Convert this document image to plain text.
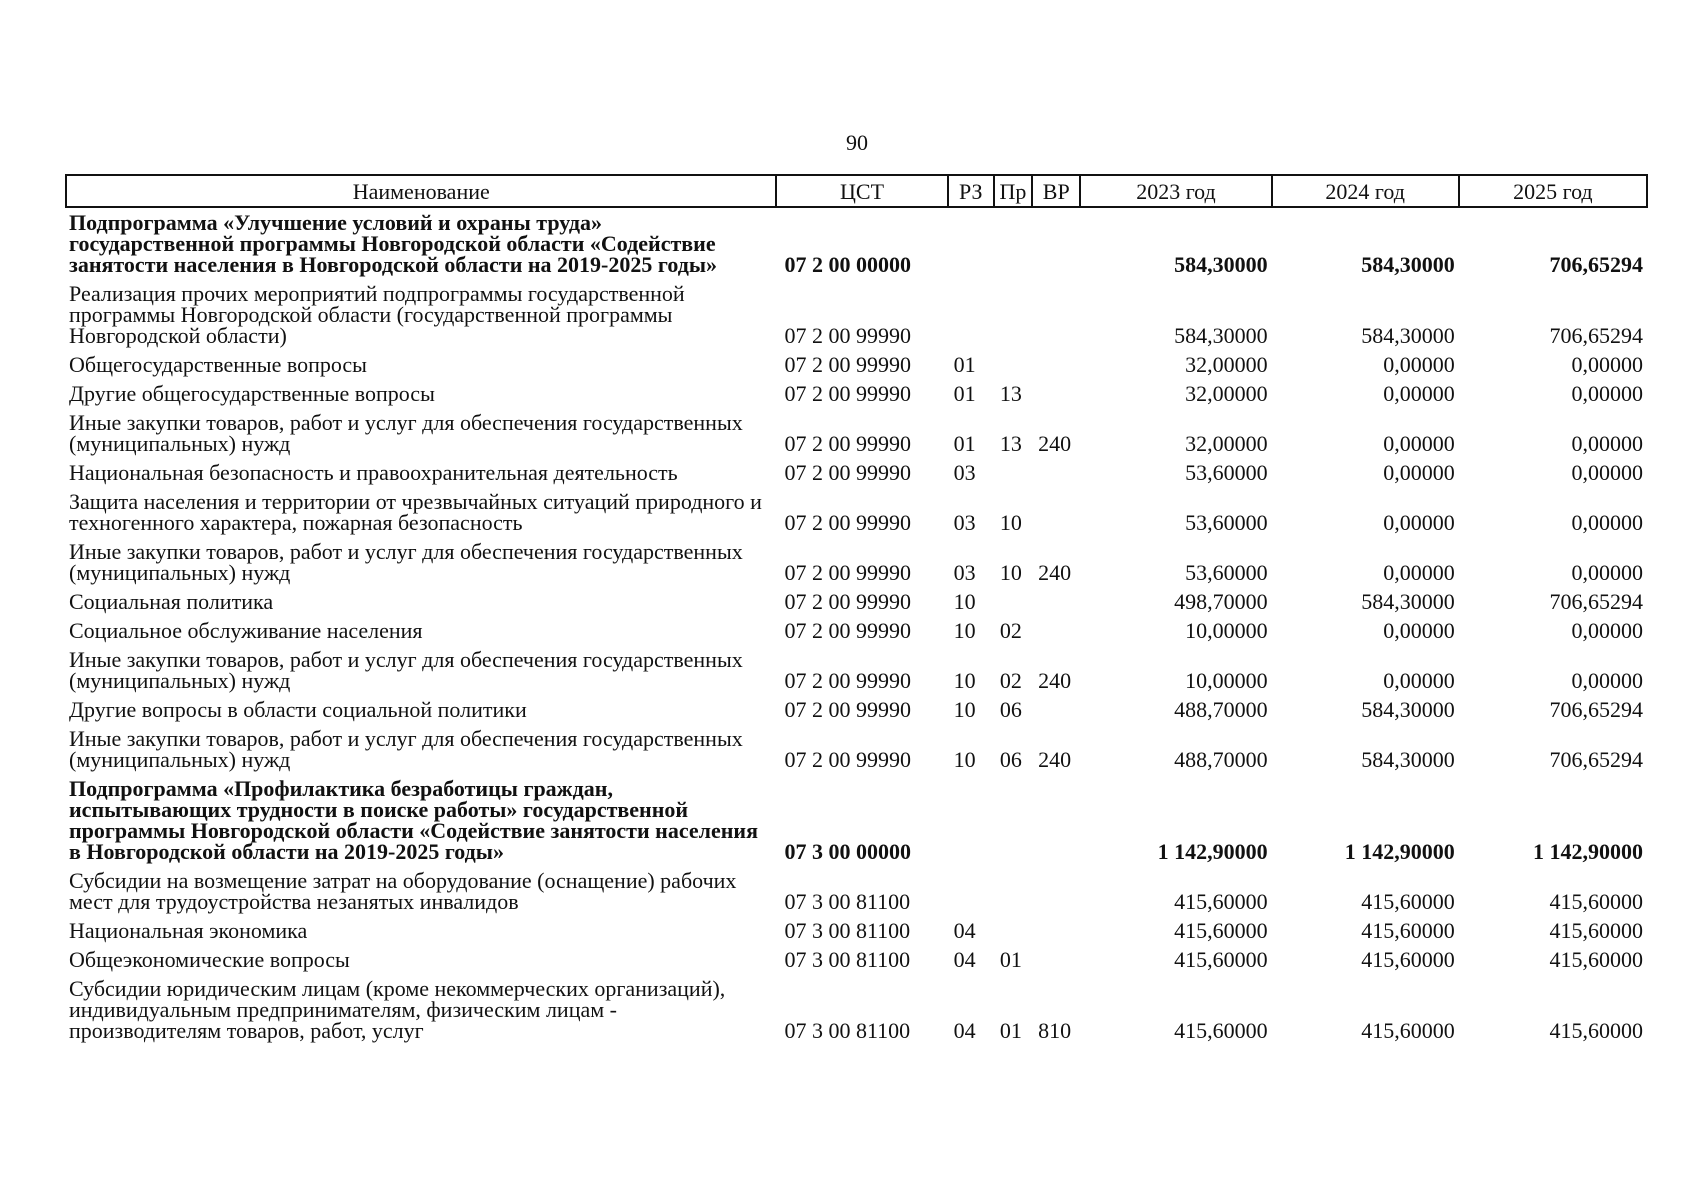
90
Наименование	ЦСТ	РЗ	Пр	ВР	2023 год	2024 год	2025 год
Подпрограмма «Улучшение условий и охраны труда» государственной программы Новгородской области «Содействие занятости населения в Новгородской области на 2019-2025 годы»	07 2 00 00000				584,30000	584,30000	706,65294
Реализация прочих мероприятий подпрограммы государственной программы Новгородской области (государственной программы Новгородской области)	07 2 00 99990				584,30000	584,30000	706,65294
Общегосударственные вопросы	07 2 00 99990	01			32,00000	0,00000	0,00000
Другие общегосударственные вопросы	07 2 00 99990	01	13		32,00000	0,00000	0,00000
Иные закупки товаров, работ и услуг для обеспечения государственных (муниципальных) нужд	07 2 00 99990	01	13	240	32,00000	0,00000	0,00000
Национальная безопасность и правоохранительная деятельность	07 2 00 99990	03			53,60000	0,00000	0,00000
Защита населения и территории от чрезвычайных ситуаций природного и техногенного характера, пожарная безопасность	07 2 00 99990	03	10		53,60000	0,00000	0,00000
Иные закупки товаров, работ и услуг для обеспечения государственных (муниципальных) нужд	07 2 00 99990	03	10	240	53,60000	0,00000	0,00000
Социальная политика	07 2 00 99990	10			498,70000	584,30000	706,65294
Социальное обслуживание населения	07 2 00 99990	10	02		10,00000	0,00000	0,00000
Иные закупки товаров, работ и услуг для обеспечения государственных (муниципальных) нужд	07 2 00 99990	10	02	240	10,00000	0,00000	0,00000
Другие вопросы в области социальной политики	07 2 00 99990	10	06		488,70000	584,30000	706,65294
Иные закупки товаров, работ и услуг для обеспечения государственных (муниципальных) нужд	07 2 00 99990	10	06	240	488,70000	584,30000	706,65294
Подпрограмма «Профилактика безработицы граждан, испытывающих трудности в поиске работы» государственной программы Новгородской области «Содействие занятости населения в Новгородской области на 2019-2025 годы»	07 3 00 00000				1 142,90000	1 142,90000	1 142,90000
Субсидии на возмещение затрат на оборудование (оснащение) рабочих мест для трудоустройства незанятых инвалидов	07 3 00 81100				415,60000	415,60000	415,60000
Национальная экономика	07 3 00 81100	04			415,60000	415,60000	415,60000
Общеэкономические вопросы	07 3 00 81100	04	01		415,60000	415,60000	415,60000
Субсидии юридическим лицам (кроме некоммерческих организаций), индивидуальным предпринимателям, физическим лицам - производителям товаров, работ, услуг	07 3 00 81100	04	01	810	415,60000	415,60000	415,60000
